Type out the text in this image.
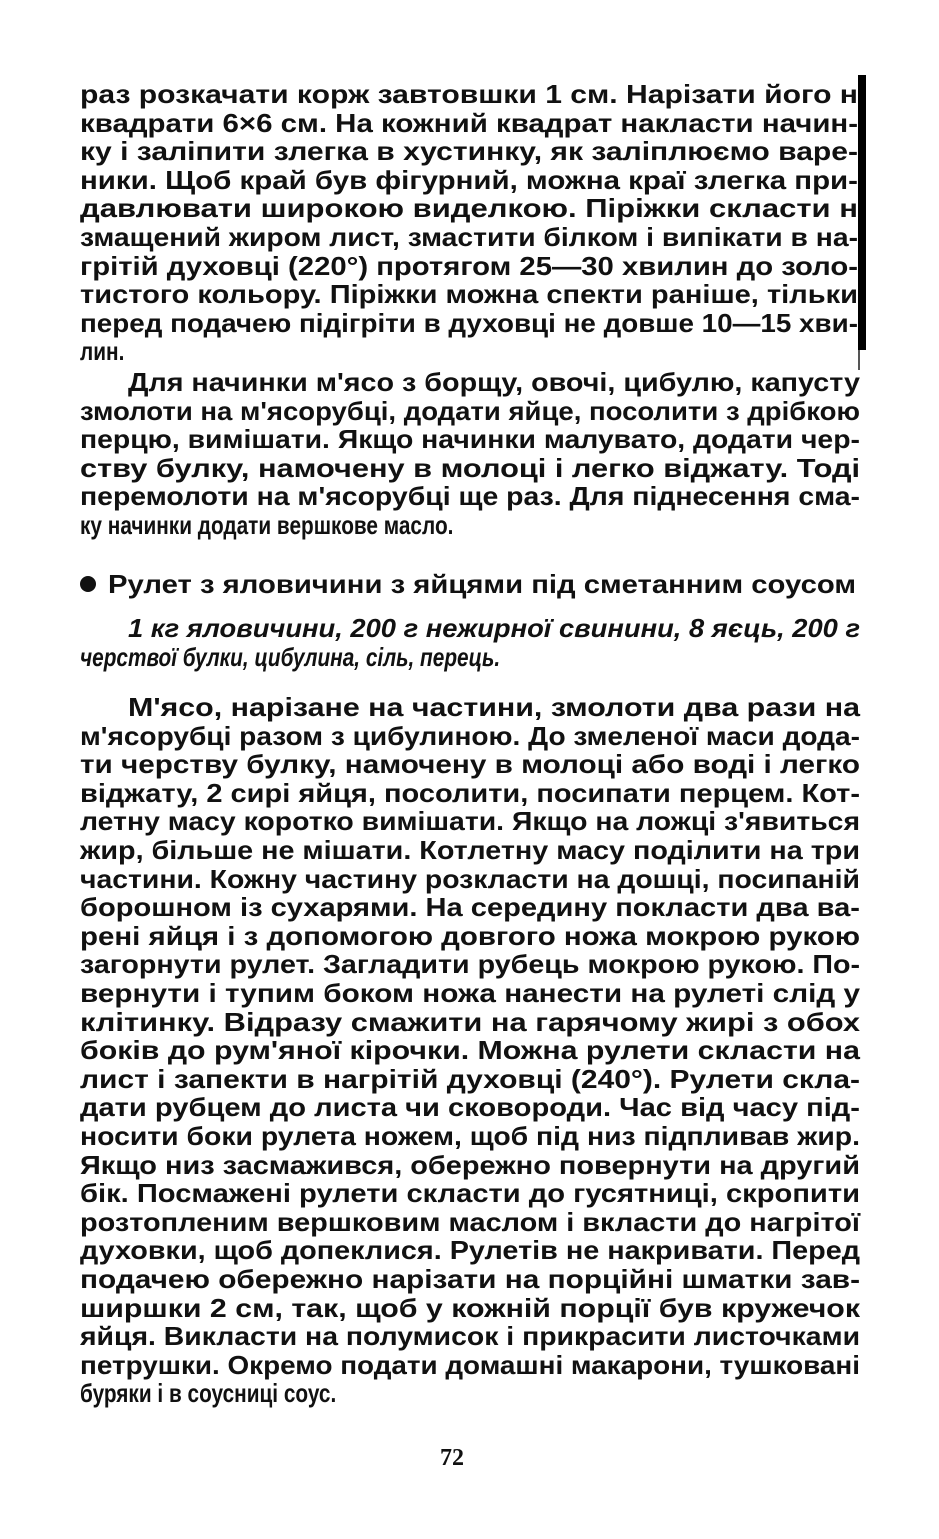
раз розкачати корж завтовшки 1 см. Нарізати його н
квадрати 6×6 см. На кожний квадрат накласти начин-
ку і заліпити злегка в хустинку, як заліплюємо варе-
ники. Щоб край був фігурний, можна краї злегка при-
давлювати широкою виделкою. Піріжки скласти н
змащений жиром лист, змастити білком і випікати в на-
грітій духовці (220°) протягом 25—30 хвилин до золо-
тистого кольору. Піріжки можна спекти раніше, тільки
перед подачею підігріти в духовці не довше 10—15 хви-
лин.
Для начинки м'ясо з борщу, овочі, цибулю, капусту
змолоти на м'ясорубці, додати яйце, посолити з дрібкою
перцю, вимішати. Якщо начинки малувато, додати чер-
ству булку, намочену в молоці і легко віджату. Тоді
перемолоти на м'ясорубці ще раз. Для піднесення сма-
ку начинки додати вершкове масло.
Рулет з яловичини з яйцями під сметанним соусом
1 кг яловичини, 200 г нежирної свинини, 8 яєць, 200 г
черствої булки, цибулина, сіль, перець.
М'ясо, нарізане на частини, змолоти два рази на
м'ясорубці разом з цибулиною. До змеленої маси дода-
ти черству булку, намочену в молоці або воді і легко
віджату, 2 сирі яйця, посолити, посипати перцем. Кот-
летну масу коротко вимішати. Якщо на ложці з'явиться
жир, більше не мішати. Котлетну масу поділити на три
частини. Кожну частину розкласти на дошці, посипаній
борошном із сухарями. На середину покласти два ва-
рені яйця і з допомогою довгого ножа мокрою рукою
загорнути рулет. Загладити рубець мокрою рукою. По-
вернути і тупим боком ножа нанести на рулеті слід у
клітинку. Відразу смажити на гарячому жирі з обох
боків до рум'яної кірочки. Можна рулети скласти на
лист і запекти в нагрітій духовці (240°). Рулети скла-
дати рубцем до листа чи сковороди. Час від часу під-
носити боки рулета ножем, щоб під низ підпливав жир.
Якщо низ засмажився, обережно повернути на другий
бік. Посмажені рулети скласти до гусятниці, скропити
розтопленим вершковим маслом і вкласти до нагрітої
духовки, щоб допеклися. Рулетів не накривати. Перед
подачею обережно нарізати на порційні шматки зав-
ширшки 2 см, так, щоб у кожній порції був кружечок
яйця. Викласти на полумисок і прикрасити листочками
петрушки. Окремо подати домашні макарони, тушковані
буряки і в соусниці соус.
72
